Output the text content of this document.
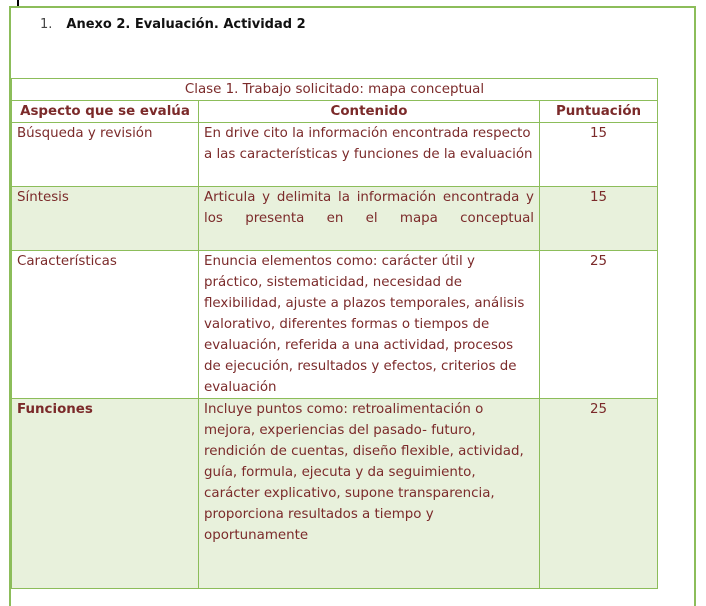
1. Anexo 2. Evaluación. Actividad 2
Clase 1. Trabajo solicitado: mapa conceptual		
Aspecto que se evalúa	Contenido	Puntuación
Búsqueda y revisión	En drive cito la información encontrada respecto a las características y funciones de la evaluación	15
Síntesis	Articula y delimita la información encontrada y los presenta en el mapa conceptual	15
Características	Enuncia elementos como: carácter útil y práctico, sistematicidad, necesidad de flexibilidad, ajuste a plazos temporales, análisis valorativo, diferentes formas o tiempos de evaluación, referida a una actividad, procesos de ejecución, resultados y efectos, criterios de evaluación	25
Funciones	Incluye puntos como: retroalimentación o mejora, experiencias del pasado- futuro, rendición de cuentas, diseño flexible, actividad, guía, formula, ejecuta y da seguimiento, carácter explicativo, supone transparencia, proporciona resultados a tiempo y oportunamente	25
